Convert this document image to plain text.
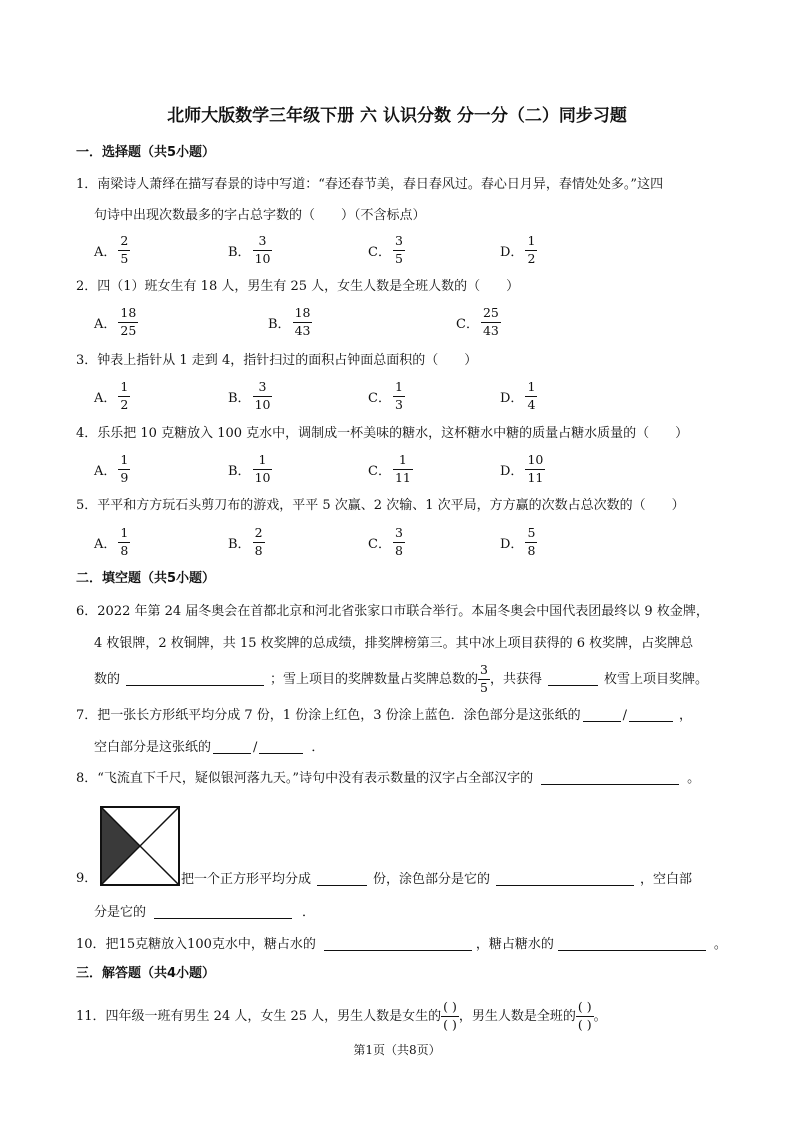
北师大版数学三年级下册 六 认识分数 分一分（二）同步习题
一．选择题（共5小题）
1．南梁诗人萧绎在描写春景的诗中写道：“春还春节美，春日春风过。春心日月异，春情处处多。”这四
句诗中出现次数最多的字占总字数的（　　）（不含标点）
A． $\frac{2}{5}$	B． $\frac{3}{10}$	C． $\frac{3}{5}$	D． $\frac{1}{2}$
2．四（1）班女生有 18 人，男生有 25 人，女生人数是全班人数的（　　）
A． $\frac{18}{25}$	B． $\frac{18}{43}$	C． $\frac{25}{43}$
3．钟表上指针从 1 走到 4，指针扫过的面积占钟面总面积的（　　）
A． $\frac{1}{2}$	B． $\frac{3}{10}$	C． $\frac{1}{3}$	D． $\frac{1}{4}$
4．乐乐把 10 克糖放入 100 克水中，调制成一杯美味的糖水，这杯糖水中糖的质量占糖水质量的（　　）
A． $\frac{1}{9}$	B． $\frac{1}{10}$	C． $\frac{1}{11}$	D． $\frac{10}{11}$
5．平平和方方玩石头剪刀布的游戏，平平 5 次赢、2 次输、1 次平局，方方赢的次数占总次数的（　　）
A． $\frac{1}{8}$	B． $\frac{2}{8}$	C． $\frac{3}{8}$	D． $\frac{5}{8}$
二．填空题（共5小题）
6．2022 年第 24 届冬奥会在首都北京和河北省张家口市联合举行。本届冬奥会中国代表团最终以 9 枚金牌，
4 枚银牌，2 枚铜牌，共 15 枚奖牌的总成绩，排奖牌榜第三。其中冰上项目获得的 6 枚奖牌，占奖牌总
数的	；雪上项目的奖牌数量占奖牌总数的 $\frac{3}{5}$ ，共获得	枚雪上项目奖牌。
7．把一张长方形纸平均分成 7 份，1 份涂上红色，3 份涂上蓝色．涂色部分是这张纸的	/	，
空白部分是这张纸的	/	．
8．“飞流直下千尺，疑似银河落九天。”诗句中没有表示数量的汉字占全部汉字的	。
9．	把一个正方形平均分成	份，涂色部分是它的	，空白部
分是它的	．
10．把15克糖放入100克水中，糖占水的	，糖占糖水的	。
三．解答题（共4小题）
11．四年级一班有男生 24 人，女生 25 人，男生人数是女生的 $\frac{( )}{( )}$ ，男生人数是全班的 $\frac{( )}{( )}$ 。
第1页（共8页）
